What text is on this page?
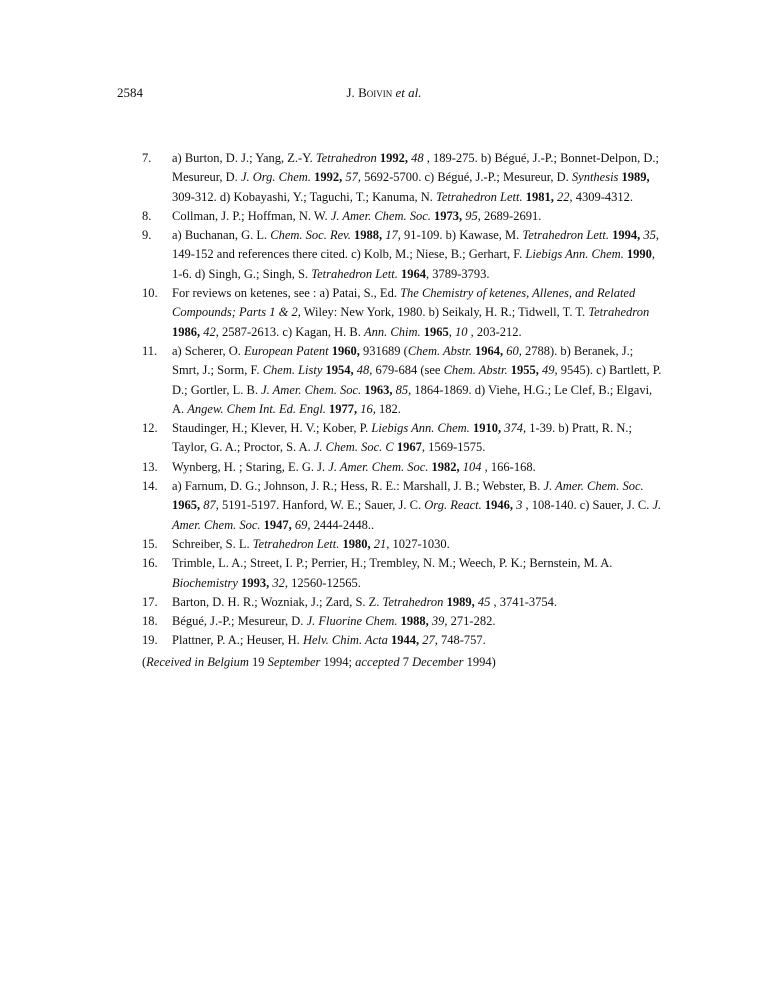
2584	J. Boivin et al.

7. a) Burton, D. J.; Yang, Z.-Y. Tetrahedron 1992, 48 , 189-275. b) Bégué, J.-P.; Bonnet-Delpon, D.; Mesureur, D. J. Org. Chem. 1992, 57, 5692-5700. c) Bégué, J.-P.; Mesureur, D. Synthesis 1989, 309-312. d) Kobayashi, Y.; Taguchi, T.; Kanuma, N. Tetrahedron Lett. 1981, 22, 4309-4312.

8. Collman, J. P.; Hoffman, N. W. J. Amer. Chem. Soc. 1973, 95, 2689-2691.

9. a) Buchanan, G. L. Chem. Soc. Rev. 1988, 17, 91-109. b) Kawase, M. Tetrahedron Lett. 1994, 35, 149-152 and references there cited. c) Kolb, M.; Niese, B.; Gerhart, F. Liebigs Ann. Chem. 1990, 1-6. d) Singh, G.; Singh, S. Tetrahedron Lett. 1964, 3789-3793.

10. For reviews on ketenes, see : a) Patai, S., Ed. The Chemistry of ketenes, Allenes, and Related Compounds; Parts 1 & 2, Wiley: New York, 1980. b) Seikaly, H. R.; Tidwell, T. T. Tetrahedron 1986, 42, 2587-2613. c) Kagan, H. B. Ann. Chim. 1965, 10 , 203-212.

11. a) Scherer, O. European Patent 1960, 931689 (Chem. Abstr. 1964, 60, 2788). b) Beranek, J.; Smrt, J.; Sorm, F. Chem. Listy 1954, 48, 679-684 (see Chem. Abstr. 1955, 49, 9545). c) Bartlett, P. D.; Gortler, L. B. J. Amer. Chem. Soc. 1963, 85, 1864-1869. d) Viehe, H.G.; Le Clef, B.; Elgavi, A. Angew. Chem Int. Ed. Engl. 1977, 16, 182.

12. Staudinger, H.; Klever, H. V.; Kober, P. Liebigs Ann. Chem. 1910, 374, 1-39. b) Pratt, R. N.; Taylor, G. A.; Proctor, S. A. J. Chem. Soc. C 1967, 1569-1575.

13. Wynberg, H. ; Staring, E. G. J. J. Amer. Chem. Soc. 1982, 104 , 166-168.

14. a) Farnum, D. G.; Johnson, J. R.; Hess, R. E.: Marshall, J. B.; Webster, B. J. Amer. Chem. Soc. 1965, 87, 5191-5197. Hanford, W. E.; Sauer, J. C. Org. React. 1946, 3 , 108-140. c) Sauer, J. C. J. Amer. Chem. Soc. 1947, 69, 2444-2448..

15. Schreiber, S. L. Tetrahedron Lett. 1980, 21, 1027-1030.

16. Trimble, L. A.; Street, I. P.; Perrier, H.; Trembley, N. M.; Weech, P. K.; Bernstein, M. A. Biochemistry 1993, 32, 12560-12565.

17. Barton, D. H. R.; Wozniak, J.; Zard, S. Z. Tetrahedron 1989, 45 , 3741-3754.

18. Bégué, J.-P.; Mesureur, D. J. Fluorine Chem. 1988, 39, 271-282.

19. Plattner, P. A.; Heuser, H. Helv. Chim. Acta 1944, 27, 748-757.

(Received in Belgium 19 September 1994; accepted 7 December 1994)
